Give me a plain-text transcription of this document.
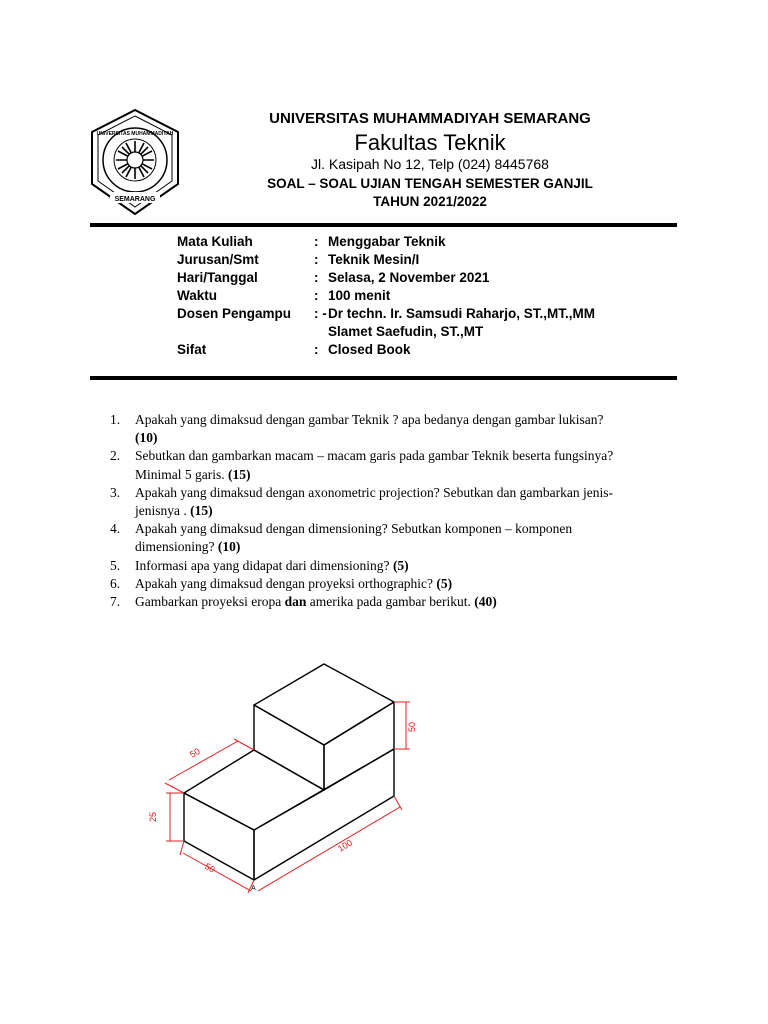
UNIVERSITAS MUHAMMADIYAH
SEMARANG
UNIVERSITAS MUHAMMADIYAH SEMARANG
Fakultas Teknik
Jl. Kasipah No 12, Telp (024) 8445768
SOAL – SOAL UJIAN TENGAH SEMESTER GANJIL
TAHUN 2021/2022
Mata Kuliah	: Menggabar Teknik
Jurusan/Smt	: Teknik Mesin/I
Hari/Tanggal	: Selasa, 2 November 2021
Waktu	: 100 menit
Dosen Pengampu : - Dr techn. Ir. Samsudi Raharjo, ST.,MT.,MM
Slamet Saefudin, ST.,MT
Sifat	: Closed Book
1. Apakah yang dimaksud dengan gambar Teknik ? apa bedanya dengan gambar lukisan?
(10)
2. Sebutkan dan gambarkan macam – macam garis pada gambar Teknik beserta fungsinya?
Minimal 5 garis. (15)
3. Apakah yang dimaksud dengan axonometric projection? Sebutkan dan gambarkan jenis-
jenisnya . (15)
4. Apakah yang dimaksud dengan dimensioning? Sebutkan komponen – komponen
dimensioning? (10)
5. Informasi apa yang didapat dari dimensioning? (5)
6. Apakah yang dimaksud dengan proyeksi orthographic? (5)
7. Gambarkan proyeksi eropa dan amerika pada gambar berikut. (40)
50
50
25
50
100
A
